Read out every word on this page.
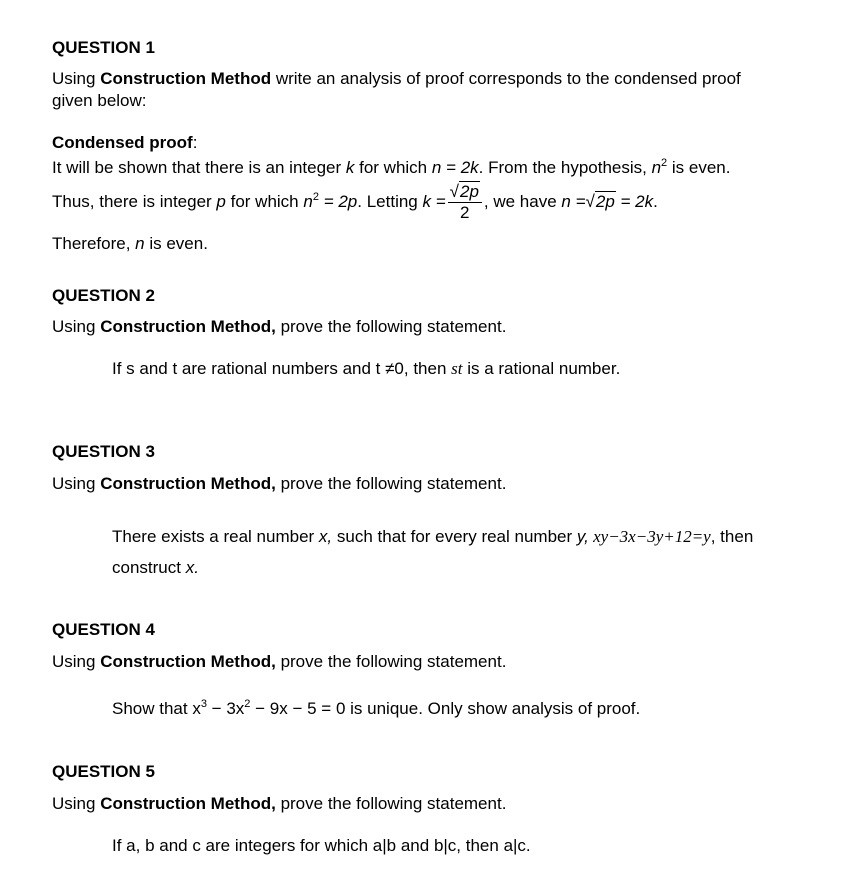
QUESTION 1
Using Construction Method write an analysis of proof corresponds to the condensed proof
given below:
Condensed proof:
It will be shown that there is an integer k for which n = 2k. From the hypothesis, $n^2$ is even.
Thus, there is integer p for which $n^2 = 2p$. Letting $k = \frac{√2p}{2}$ , we have n =√2p = 2k.
Therefore, n is even.
QUESTION 2
Using Construction Method, prove the following statement.
If s and t are rational numbers and t ≠0, then st is a rational number.
QUESTION 3
Using Construction Method, prove the following statement.
There exists a real number x, such that for every real number y, xy−3x−3y+12=y, then
construct x.
QUESTION 4
Using Construction Method, prove the following statement.
Show that $x^3 - 3x^2 - 9x - 5 = 0$ is unique. Only show analysis of proof.
QUESTION 5
Using Construction Method, prove the following statement.
If a, b and c are integers for which a|b and b|c, then a|c.
